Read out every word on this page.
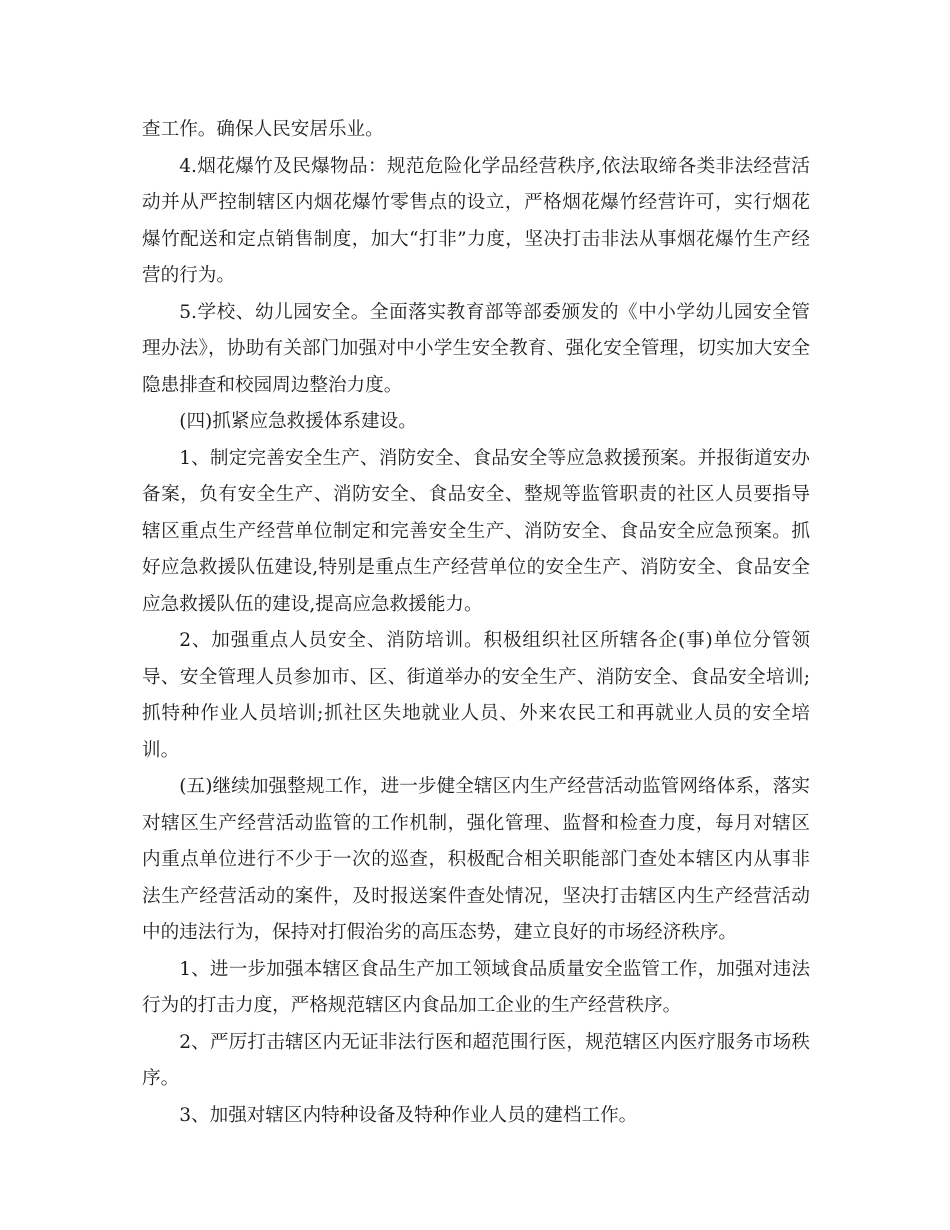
查工作。确保人民安居乐业。

4.烟花爆竹及民爆物品：规范危险化学品经营秩序,依法取缔各类非法经营活动并从严控制辖区内烟花爆竹零售点的设立，严格烟花爆竹经营许可，实行烟花爆竹配送和定点销售制度，加大“打非”力度，坚决打击非法从事烟花爆竹生产经营的行为。

5.学校、幼儿园安全。全面落实教育部等部委颁发的《中小学幼儿园安全管理办法》，协助有关部门加强对中小学生安全教育、强化安全管理，切实加大安全隐患排查和校园周边整治力度。

(四)抓紧应急救援体系建设。

1、制定完善安全生产、消防安全、食品安全等应急救援预案。并报街道安办备案，负有安全生产、消防安全、食品安全、整规等监管职责的社区人员要指导辖区重点生产经营单位制定和完善安全生产、消防安全、食品安全应急预案。抓好应急救援队伍建设,特别是重点生产经营单位的安全生产、消防安全、食品安全应急救援队伍的建设,提高应急救援能力。

2、加强重点人员安全、消防培训。积极组织社区所辖各企(事)单位分管领导、安全管理人员参加市、区、街道举办的安全生产、消防安全、食品安全培训;抓特种作业人员培训;抓社区失地就业人员、外来农民工和再就业人员的安全培训。

(五)继续加强整规工作，进一步健全辖区内生产经营活动监管网络体系，落实对辖区生产经营活动监管的工作机制，强化管理、监督和检查力度，每月对辖区内重点单位进行不少于一次的巡查，积极配合相关职能部门查处本辖区内从事非法生产经营活动的案件，及时报送案件查处情况，坚决打击辖区内生产经营活动中的违法行为，保持对打假治劣的高压态势，建立良好的市场经济秩序。

1、进一步加强本辖区食品生产加工领域食品质量安全监管工作，加强对违法行为的打击力度，严格规范辖区内食品加工企业的生产经营秩序。

2、严厉打击辖区内无证非法行医和超范围行医，规范辖区内医疗服务市场秩序。

3、加强对辖区内特种设备及特种作业人员的建档工作。
